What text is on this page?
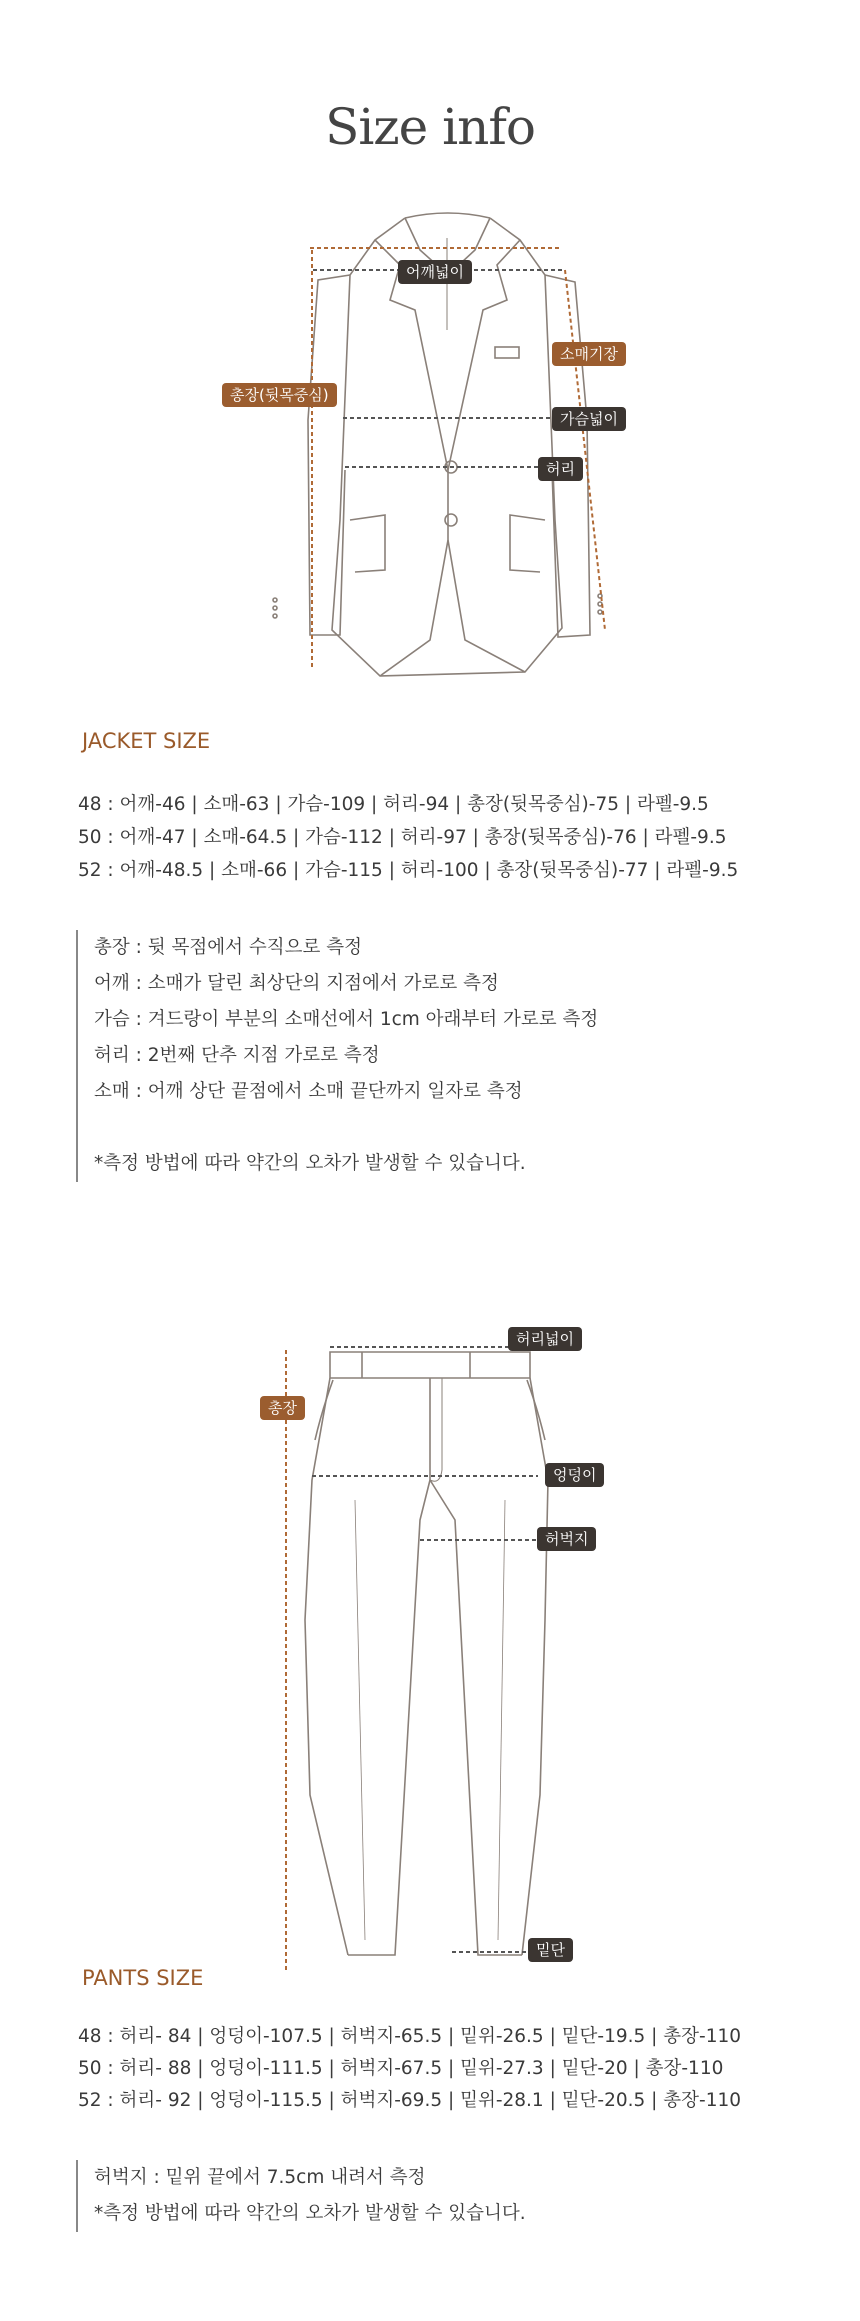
Size info
어깨넓이
소매기장
총장(뒷목중심)
가슴넓이
허리
JACKET SIZE
48 : 어깨-46 | 소매-63 | 가슴-109 | 허리-94 | 총장(뒷목중심)-75 | 라펠-9.5
50 : 어깨-47 | 소매-64.5 | 가슴-112 | 허리-97 | 총장(뒷목중심)-76 | 라펠-9.5
52 : 어깨-48.5 | 소매-66 | 가슴-115 | 허리-100 | 총장(뒷목중심)-77 | 라펠-9.5
총장 : 뒷 목점에서 수직으로 측정
어깨 : 소매가 달린 최상단의 지점에서 가로로 측정
가슴 : 겨드랑이 부분의 소매선에서 1cm 아래부터 가로로 측정
허리 : 2번째 단추 지점 가로로 측정
소매 : 어깨 상단 끝점에서 소매 끝단까지 일자로 측정
*측정 방법에 따라 약간의 오차가 발생할 수 있습니다.
허리넓이
총장
엉덩이
허벅지
밑단
PANTS SIZE
48 : 허리- 84 | 엉덩이-107.5 | 허벅지-65.5 | 밑위-26.5 | 밑단-19.5 | 총장-110
50 : 허리- 88 | 엉덩이-111.5 | 허벅지-67.5 | 밑위-27.3 | 밑단-20 | 총장-110
52 : 허리- 92 | 엉덩이-115.5 | 허벅지-69.5 | 밑위-28.1 | 밑단-20.5 | 총장-110
허벅지 : 밑위 끝에서 7.5cm 내려서 측정
*측정 방법에 따라 약간의 오차가 발생할 수 있습니다.
